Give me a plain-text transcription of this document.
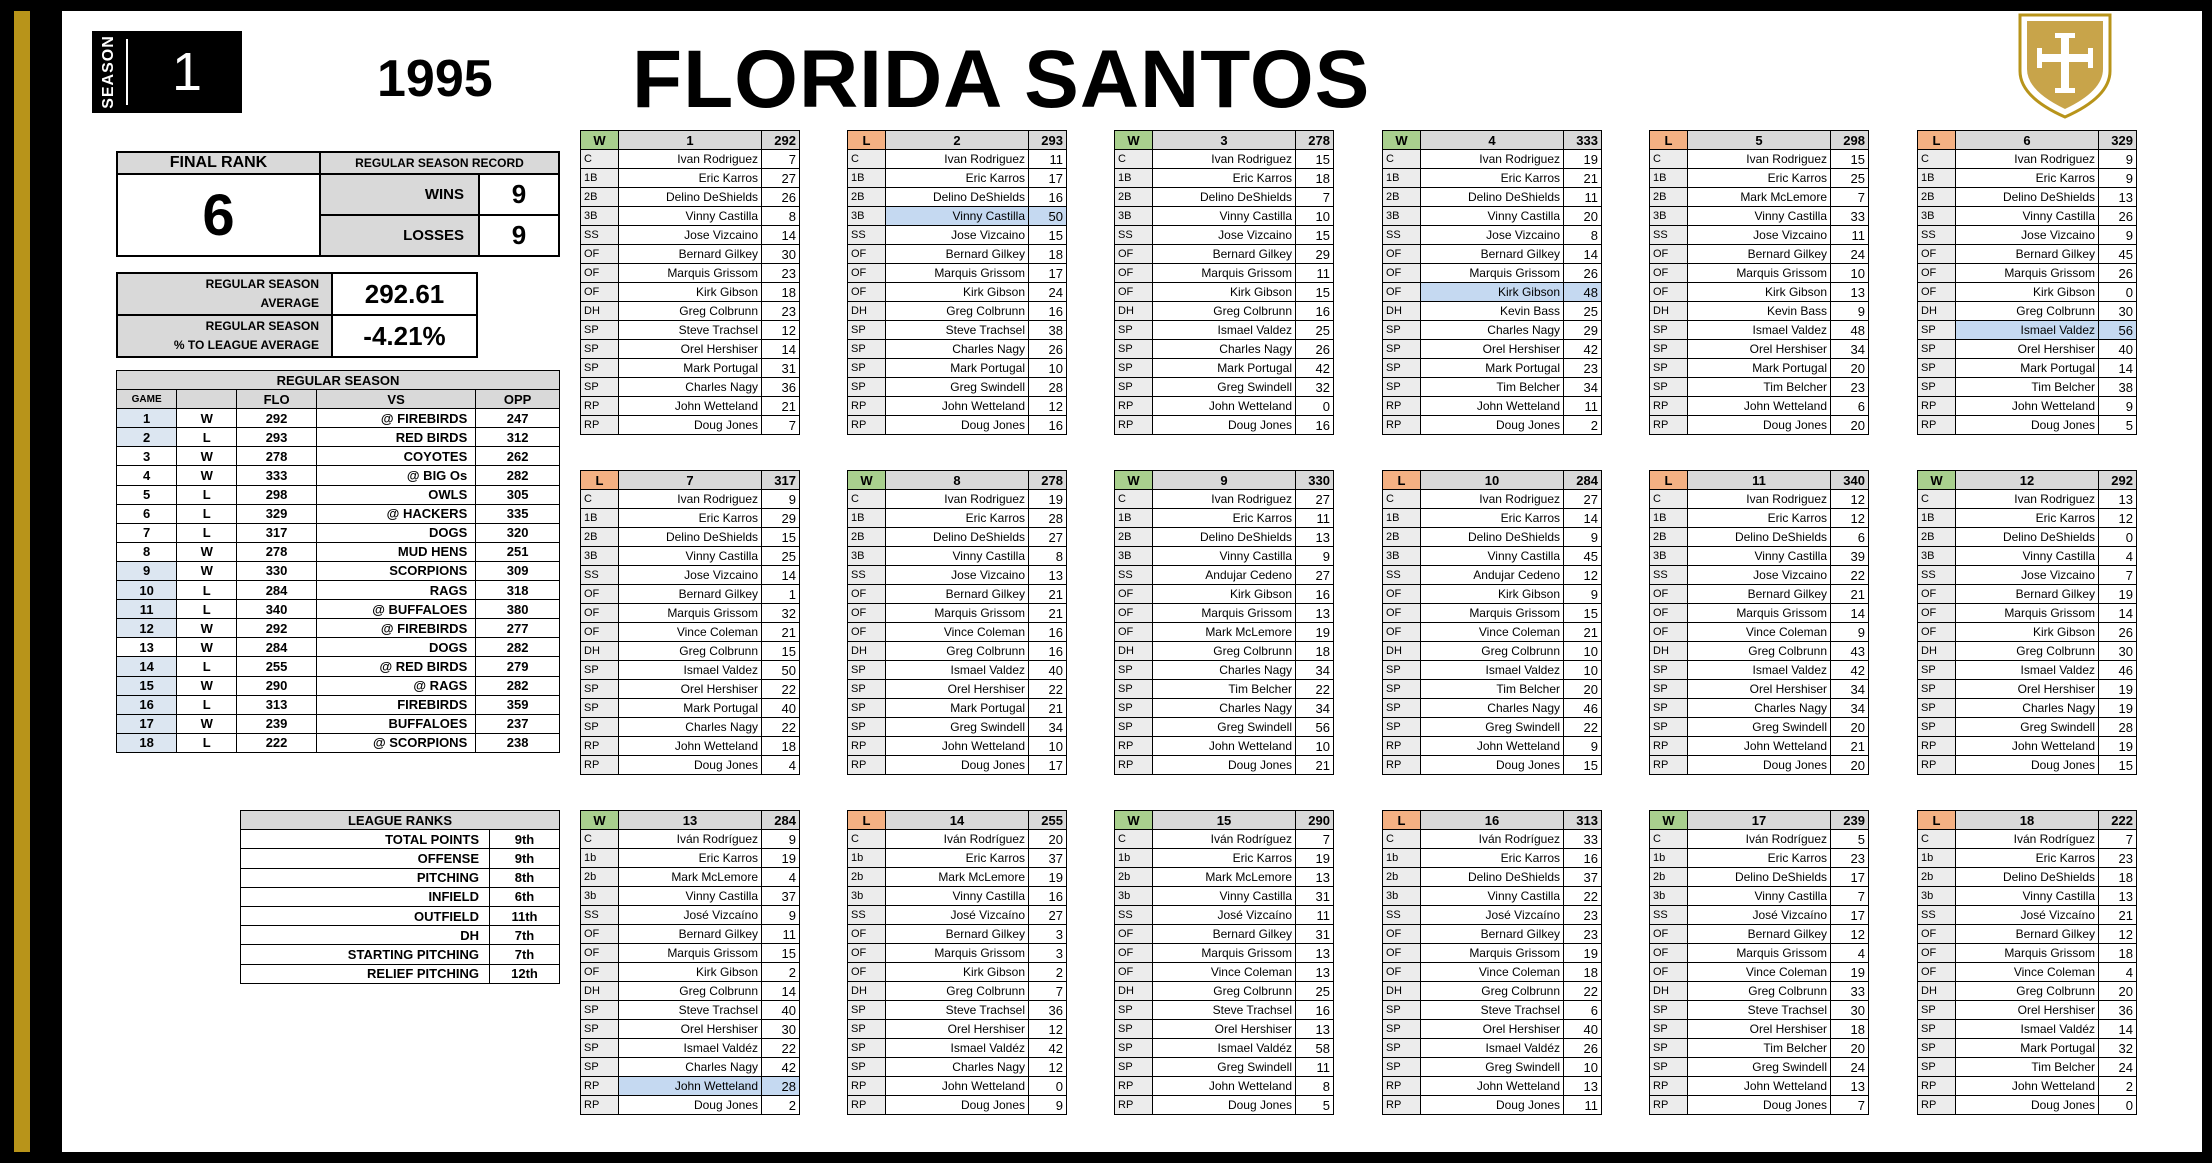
SEASON	1	1995 FLORIDA SANTOS
FINAL RANK	REGULAR SEASON RECORD	
6	WINS	9
	LOSSES	9
REGULAR SEASON
AVERAGE	292.61
REGULAR SEASON
% TO LEAGUE AVERAGE	-4.21%
REGULAR SEASON				
GAME		FLO	VS	OPP
1	W	292	@ FIREBIRDS	247
2	L	293	RED BIRDS	312
3	W	278	COYOTES	262
4	W	333	@ BIG Os	282
5	L	298	OWLS	305
6	L	329	@ HACKERS	335
7	L	317	DOGS	320
8	W	278	MUD HENS	251
9	W	330	SCORPIONS	309
10	L	284	RAGS	318
11	L	340	@ BUFFALOES	380
12	W	292	@ FIREBIRDS	277
13	W	284	DOGS	282
14	L	255	@ RED BIRDS	279
15	W	290	@ RAGS	282
16	L	313	FIREBIRDS	359
17	W	239	BUFFALOES	237
18	L	222	@ SCORPIONS	238
LEAGUE RANKS	
TOTAL POINTS	9th
OFFENSE	9th
PITCHING	8th
INFIELD	6th
OUTFIELD	11th
DH	7th
STARTING PITCHING	7th
RELIEF PITCHING	12th
W	1	292
C	Ivan Rodriguez	7
1B	Eric Karros	27
2B	Delino DeShields	26
3B	Vinny Castilla	8
SS	Jose Vizcaino	14
OF	Bernard Gilkey	30
OF	Marquis Grissom	23
OF	Kirk Gibson	18
DH	Greg Colbrunn	23
SP	Steve Trachsel	12
SP	Orel Hershiser	14
SP	Mark Portugal	31
SP	Charles Nagy	36
RP	John Wetteland	21
RP	Doug Jones	7
L	2	293
C	Ivan Rodriguez	11
1B	Eric Karros	17
2B	Delino DeShields	16
3B	Vinny Castilla	50
SS	Jose Vizcaino	15
OF	Bernard Gilkey	18
OF	Marquis Grissom	17
OF	Kirk Gibson	24
DH	Greg Colbrunn	16
SP	Steve Trachsel	38
SP	Charles Nagy	26
SP	Mark Portugal	10
SP	Greg Swindell	28
RP	John Wetteland	12
RP	Doug Jones	16
W	3	278
C	Ivan Rodriguez	15
1B	Eric Karros	18
2B	Delino DeShields	7
3B	Vinny Castilla	10
SS	Jose Vizcaino	15
OF	Bernard Gilkey	29
OF	Marquis Grissom	11
OF	Kirk Gibson	15
DH	Greg Colbrunn	16
SP	Ismael Valdez	25
SP	Charles Nagy	26
SP	Mark Portugal	42
SP	Greg Swindell	32
RP	John Wetteland	0
RP	Doug Jones	16
W	4	333
C	Ivan Rodriguez	19
1B	Eric Karros	21
2B	Delino DeShields	11
3B	Vinny Castilla	20
SS	Jose Vizcaino	8
OF	Bernard Gilkey	14
OF	Marquis Grissom	26
OF	Kirk Gibson	48
DH	Kevin Bass	25
SP	Charles Nagy	29
SP	Orel Hershiser	42
SP	Mark Portugal	23
SP	Tim Belcher	34
RP	John Wetteland	11
RP	Doug Jones	2
L	5	298
C	Ivan Rodriguez	15
1B	Eric Karros	25
2B	Mark McLemore	7
3B	Vinny Castilla	33
SS	Jose Vizcaino	11
OF	Bernard Gilkey	24
OF	Marquis Grissom	10
OF	Kirk Gibson	13
DH	Kevin Bass	9
SP	Ismael Valdez	48
SP	Orel Hershiser	34
SP	Mark Portugal	20
SP	Tim Belcher	23
RP	John Wetteland	6
RP	Doug Jones	20
L	6	329
C	Ivan Rodriguez	9
1B	Eric Karros	9
2B	Delino DeShields	13
3B	Vinny Castilla	26
SS	Jose Vizcaino	9
OF	Bernard Gilkey	45
OF	Marquis Grissom	26
OF	Kirk Gibson	0
DH	Greg Colbrunn	30
SP	Ismael Valdez	56
SP	Orel Hershiser	40
SP	Mark Portugal	14
SP	Tim Belcher	38
RP	John Wetteland	9
RP	Doug Jones	5
L	7	317
C	Ivan Rodriguez	9
1B	Eric Karros	29
2B	Delino DeShields	15
3B	Vinny Castilla	25
SS	Jose Vizcaino	14
OF	Bernard Gilkey	1
OF	Marquis Grissom	32
OF	Vince Coleman	21
DH	Greg Colbrunn	15
SP	Ismael Valdez	50
SP	Orel Hershiser	22
SP	Mark Portugal	40
SP	Charles Nagy	22
RP	John Wetteland	18
RP	Doug Jones	4
W	8	278
C	Ivan Rodriguez	19
1B	Eric Karros	28
2B	Delino DeShields	27
3B	Vinny Castilla	8
SS	Jose Vizcaino	13
OF	Bernard Gilkey	21
OF	Marquis Grissom	21
OF	Vince Coleman	16
DH	Greg Colbrunn	16
SP	Ismael Valdez	40
SP	Orel Hershiser	22
SP	Mark Portugal	21
SP	Greg Swindell	34
RP	John Wetteland	10
RP	Doug Jones	17
W	9	330
C	Ivan Rodriguez	27
1B	Eric Karros	11
2B	Delino DeShields	13
3B	Vinny Castilla	9
SS	Andujar Cedeno	27
OF	Kirk Gibson	16
OF	Marquis Grissom	13
OF	Mark McLemore	19
DH	Greg Colbrunn	18
SP	Charles Nagy	34
SP	Tim Belcher	22
SP	Charles Nagy	34
SP	Greg Swindell	56
RP	John Wetteland	10
RP	Doug Jones	21
L	10	284
C	Ivan Rodriguez	27
1B	Eric Karros	14
2B	Delino DeShields	9
3B	Vinny Castilla	45
SS	Andujar Cedeno	12
OF	Kirk Gibson	9
OF	Marquis Grissom	15
OF	Vince Coleman	21
DH	Greg Colbrunn	10
SP	Ismael Valdez	10
SP	Tim Belcher	20
SP	Charles Nagy	46
SP	Greg Swindell	22
RP	John Wetteland	9
RP	Doug Jones	15
L	11	340
C	Ivan Rodriguez	12
1B	Eric Karros	12
2B	Delino DeShields	6
3B	Vinny Castilla	39
SS	Jose Vizcaino	22
OF	Bernard Gilkey	21
OF	Marquis Grissom	14
OF	Vince Coleman	9
DH	Greg Colbrunn	43
SP	Ismael Valdez	42
SP	Orel Hershiser	34
SP	Charles Nagy	34
SP	Greg Swindell	20
RP	John Wetteland	21
RP	Doug Jones	20
W	12	292
C	Ivan Rodriguez	13
1B	Eric Karros	12
2B	Delino DeShields	0
3B	Vinny Castilla	4
SS	Jose Vizcaino	7
OF	Bernard Gilkey	19
OF	Marquis Grissom	14
OF	Kirk Gibson	26
DH	Greg Colbrunn	30
SP	Ismael Valdez	46
SP	Orel Hershiser	19
SP	Charles Nagy	19
SP	Greg Swindell	28
RP	John Wetteland	19
RP	Doug Jones	15
W	13	284
C	Iván Rodríguez	9
1b	Eric Karros	19
2b	Mark McLemore	4
3b	Vinny Castilla	37
SS	José Vizcaíno	9
OF	Bernard Gilkey	11
OF	Marquis Grissom	15
OF	Kirk Gibson	2
DH	Greg Colbrunn	14
SP	Steve Trachsel	40
SP	Orel Hershiser	30
SP	Ismael Valdéz	22
SP	Charles Nagy	42
RP	John Wetteland	28
RP	Doug Jones	2
L	14	255
C	Iván Rodríguez	20
1b	Eric Karros	37
2b	Mark McLemore	19
3b	Vinny Castilla	16
SS	José Vizcaíno	27
OF	Bernard Gilkey	3
OF	Marquis Grissom	3
OF	Kirk Gibson	2
DH	Greg Colbrunn	7
SP	Steve Trachsel	36
SP	Orel Hershiser	12
SP	Ismael Valdéz	42
SP	Charles Nagy	12
RP	John Wetteland	0
RP	Doug Jones	9
W	15	290
C	Iván Rodríguez	7
1b	Eric Karros	19
2b	Mark McLemore	13
3b	Vinny Castilla	31
SS	José Vizcaíno	11
OF	Bernard Gilkey	31
OF	Marquis Grissom	13
OF	Vince Coleman	13
DH	Greg Colbrunn	25
SP	Steve Trachsel	16
SP	Orel Hershiser	13
SP	Ismael Valdéz	58
SP	Greg Swindell	11
RP	John Wetteland	8
RP	Doug Jones	5
L	16	313
C	Iván Rodríguez	33
1b	Eric Karros	16
2b	Delino DeShields	37
3b	Vinny Castilla	22
SS	José Vizcaíno	23
OF	Bernard Gilkey	23
OF	Marquis Grissom	19
OF	Vince Coleman	18
DH	Greg Colbrunn	22
SP	Steve Trachsel	6
SP	Orel Hershiser	40
SP	Ismael Valdéz	26
SP	Greg Swindell	10
RP	John Wetteland	13
RP	Doug Jones	11
W	17	239
C	Iván Rodríguez	5
1b	Eric Karros	23
2b	Delino DeShields	17
3b	Vinny Castilla	7
SS	José Vizcaíno	17
OF	Bernard Gilkey	12
OF	Marquis Grissom	4
OF	Vince Coleman	19
DH	Greg Colbrunn	33
SP	Steve Trachsel	30
SP	Orel Hershiser	18
SP	Tim Belcher	20
SP	Greg Swindell	24
RP	John Wetteland	13
RP	Doug Jones	7
L	18	222
C	Iván Rodríguez	7
1b	Eric Karros	23
2b	Delino DeShields	18
3b	Vinny Castilla	13
SS	José Vizcaíno	21
OF	Bernard Gilkey	12
OF	Marquis Grissom	18
OF	Vince Coleman	4
DH	Greg Colbrunn	20
SP	Orel Hershiser	36
SP	Ismael Valdéz	14
SP	Mark Portugal	32
SP	Tim Belcher	24
RP	John Wetteland	2
RP	Doug Jones	0
